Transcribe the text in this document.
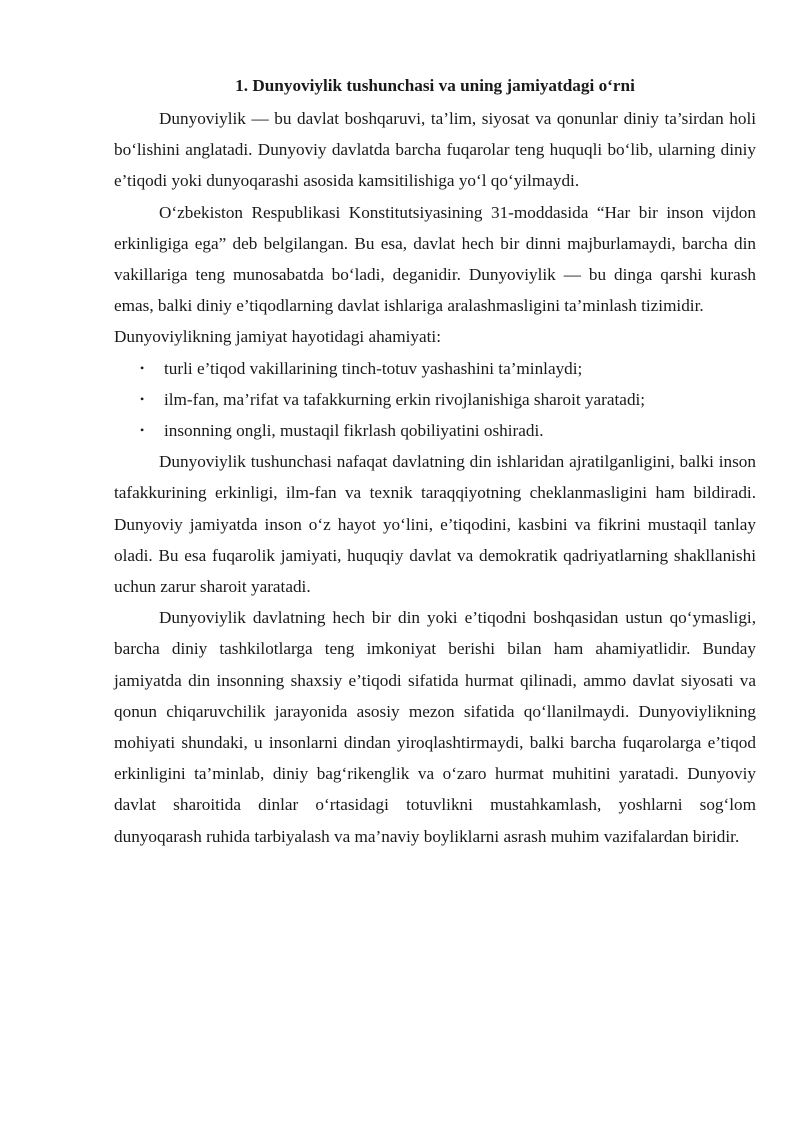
1. Dunyoviylik tushunchasi va uning jamiyatdagi o‘rni

Dunyoviylik — bu davlat boshqaruvi, ta’lim, siyosat va qonunlar diniy ta’sirdan holi bo‘lishini anglatadi. Dunyoviy davlatda barcha fuqarolar teng huquqli bo‘lib, ularning diniy e’tiqodi yoki dunyoqarashi asosida kamsitilishiga yo‘l qo‘yilmaydi.

O‘zbekiston Respublikasi Konstitutsiyasining 31-moddasida “Har bir inson vijdon erkinligiga ega” deb belgilangan. Bu esa, davlat hech bir dinni majburlamaydi, barcha din vakillariga teng munosabatda bo‘ladi, deganidir. Dunyoviylik — bu dinga qarshi kurash emas, balki diniy e’tiqodlarning davlat ishlariga aralashmasligini ta’minlash tizimidir.

Dunyoviylikning jamiyat hayotidagi ahamiyati:

• turli e’tiqod vakillarining tinch-totuv yashashini ta’minlaydi;
• ilm-fan, ma’rifat va tafakkurning erkin rivojlanishiga sharoit yaratadi;
• insonning ongli, mustaqil fikrlash qobiliyatini oshiradi.

Dunyoviylik tushunchasi nafaqat davlatning din ishlaridan ajratilganligini, balki inson tafakkurining erkinligi, ilm-fan va texnik taraqqiyotning cheklanmasligini ham bildiradi. Dunyoviy jamiyatda inson o‘z hayot yo‘lini, e’tiqodini, kasbini va fikrini mustaqil tanlay oladi. Bu esa fuqarolik jamiyati, huquqiy davlat va demokratik qadriyatlarning shakllanishi uchun zarur sharoit yaratadi.

Dunyoviylik davlatning hech bir din yoki e’tiqodni boshqasidan ustun qo‘ymasligi, barcha diniy tashkilotlarga teng imkoniyat berishi bilan ham ahamiyatlidir. Bunday jamiyatda din insonning shaxsiy e’tiqodi sifatida hurmat qilinadi, ammo davlat siyosati va qonun chiqaruvchilik jarayonida asosiy mezon sifatida qo‘llanilmaydi. Dunyoviylikning mohiyati shundaki, u insonlarni dindan yiroqlashtirmaydi, balki barcha fuqarolarga e’tiqod erkinligini ta’minlab, diniy bag‘rikenglik va o‘zaro hurmat muhitini yaratadi. Dunyoviy davlat sharoitida dinlar o‘rtasidagi totuvlikni mustahkamlash, yoshlarni sog‘lom dunyoqarash ruhida tarbiyalash va ma’naviy boyliklarni asrash muhim vazifalardan biridir.
